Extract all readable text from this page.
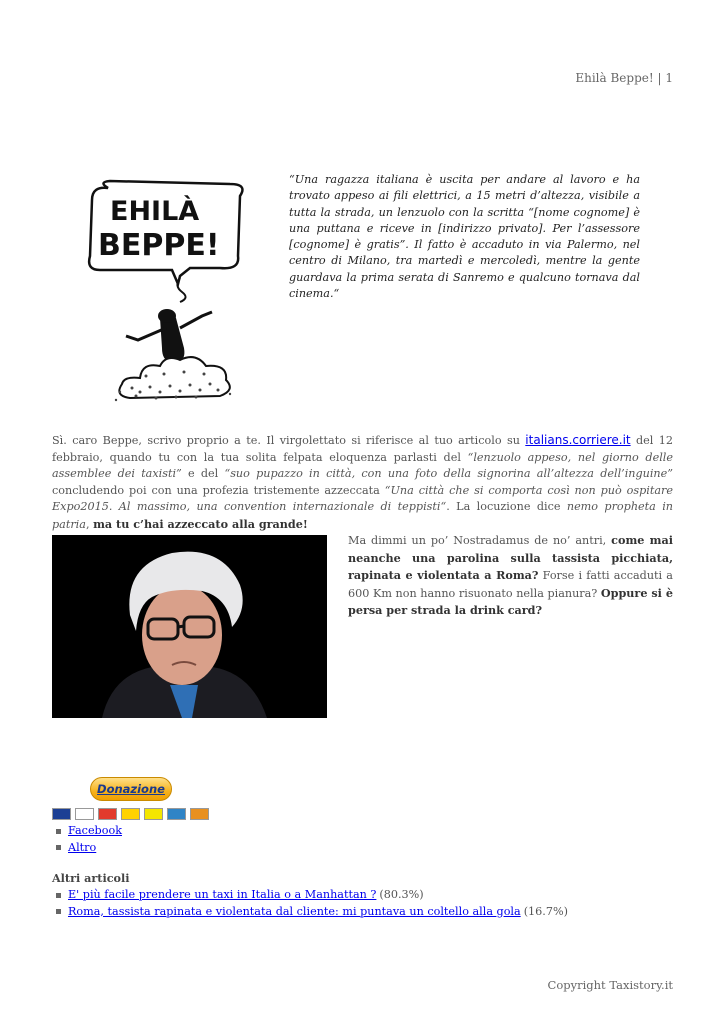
Ehilà Beppe! | 1
EHILÀ
BEPPE!
“Una ragazza italiana è uscita per andare al lavoro e ha trovato appeso ai fili elettrici, a 15 metri d’altezza, visibile a tutta la strada, un lenzuolo con la scritta “[nome cognome] è una puttana e riceve in [indirizzo privato]. Per l’assessore [cognome] è gratis”. Il fatto è accaduto in via Palermo, nel centro di Milano, tra martedì e mercoledì, mentre la gente guardava la prima serata di Sanremo e qualcuno tornava dal cinema.“
Sì. caro Beppe, scrivo proprio a te. Il virgolettato si riferisce al tuo articolo su italians.corriere.it del 12 febbraio, quando tu con la tua solita felpata eloquenza parlasti del “lenzuolo appeso, nel giorno delle assemblee dei taxisti” e del “suo pupazzo in città, con una foto della signorina all’altezza dell’inguine” concludendo poi con una profezia tristemente azzeccata “Una città che si comporta così non può ospitare Expo2015. Al massimo, una convention internazionale di teppisti“. La locuzione dice nemo propheta in patria, ma tu c’hai azzeccato alla grande!
Ma dimmi un po’ Nostradamus de no’ antri, come mai neanche una parolina sulla tassista picchiata, rapinata e violentata a Roma? Forse i fatti accaduti a 600 Km non hanno risuonato nella pianura? Oppure si è persa per strada la drink card?
Donazione
Facebook
Altro
Altri articoli
E' più facile prendere un taxi in Italia o a Manhattan ? (80.3%)
Roma, tassista rapinata e violentata dal cliente: mi puntava un coltello alla gola (16.7%)
Copyright Taxistory.it
